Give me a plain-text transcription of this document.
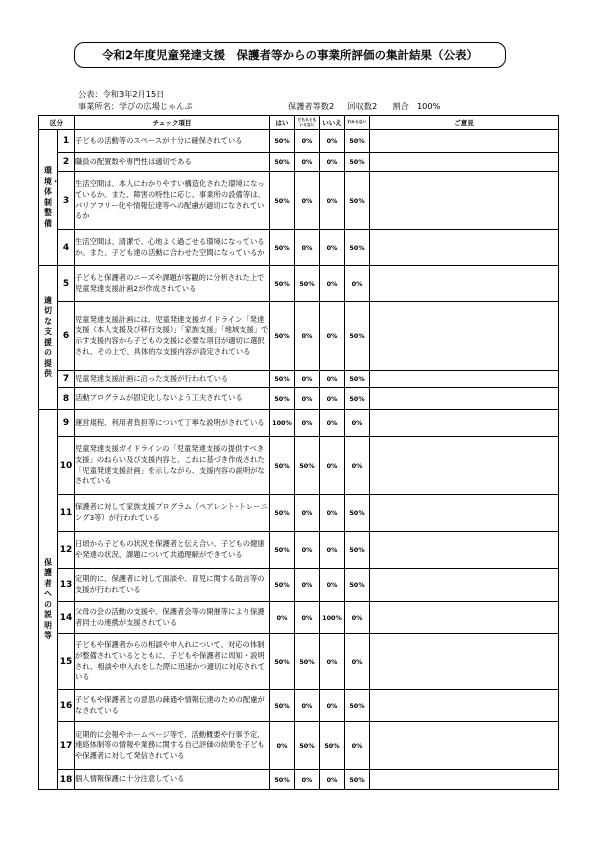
令和2年度児童発達支援　保護者等からの事業所評価の集計結果（公表）
公表：令和3年2月15日
事業所名：学びの広場じゃんぷ	保護者等数2 回収数2 割合　100%
区分		チェック項目	はい	どちらとも いえない	いいえ	わからない	ご意見

環境・体制整備	1	子どもの活動等のスペースが十分に確保されている	50%	0%	0%	50%	
	2	職員の配置数や専門性は適切である	50%	0%	0%	50%	
	3	生活空間は、本人にわかりやすい構造化された環境になっているか。また、障害の特性に応じ、事業所の設備等は、バリアフリー化や情報伝達等への配慮が適切になされているか	50%	0%	0%	50%	
	4	生活空間は、清潔で、心地よく過ごせる環境になっているか。また、子ども達の活動に合わせた空間になっているか	50%	0%	0%	50%	

適切な支援の提供	5	子どもと保護者のニーズや課題が客観的に分析された上で児童発達支援計画2が作成されている	50%	50%	0%	0%	
	6	児童発達支援計画には、児童発達支援ガイドライン「発達支援（本人支援及び移行支援）」「家族支援」「地域支援」で示す支援内容から子どもの支援に必要な項目が適切に選択され、その上で、具体的な支援内容が設定されている	50%	0%	0%	50%	
	7	児童発達支援計画に沿った支援が行われている	50%	0%	0%	50%	
	8	活動プログラムが固定化しないよう工夫されている	50%	0%	0%	50%	

保護者への説明等	9	運営規程、利用者負担等について丁寧な説明がされている	100%	0%	0%	0%	
	10	児童発達支援ガイドラインの「児童発達支援の提供すべき支援」のねらい及び支援内容と、これに基づき作成された「児童発達支援計画」を示しながら、支援内容の説明がなされている	50%	50%	0%	0%	
	11	保護者に対して家族支援プログラム（ペアレント･トレーニング3等）が行われている	50%	0%	0%	50%	
	12	日頃から子どもの状況を保護者と伝え合い、子どもの健康や発達の状況、課題について共通理解ができている	50%	0%	0%	50%	
	13	定期的に、保護者に対して面談や、育児に関する助言等の支援が行われている	50%	0%	0%	50%	
	14	父母の会の活動の支援や、保護者会等の開催等により保護者同士の連携が支援されている	0%	0%	100%	0%	
	15	子どもや保護者からの相談や申入れについて、対応の体制が整備されているとともに、子どもや保護者に周知・説明され、相談や申入れをした際に迅速かつ適切に対応されている	50%	50%	0%	0%	
	16	子どもや保護者との意思の疎通や情報伝達のための配慮がなされている	50%	0%	0%	50%	
	17	定期的に会報やホームページ等で、活動概要や行事予定、連絡体制等の情報や業務に関する自己評価の結果を子どもや保護者に対して発信されている	0%	50%	50%	0%	
	18	個人情報保護に十分注意している	50%	0%	0%	50%	
